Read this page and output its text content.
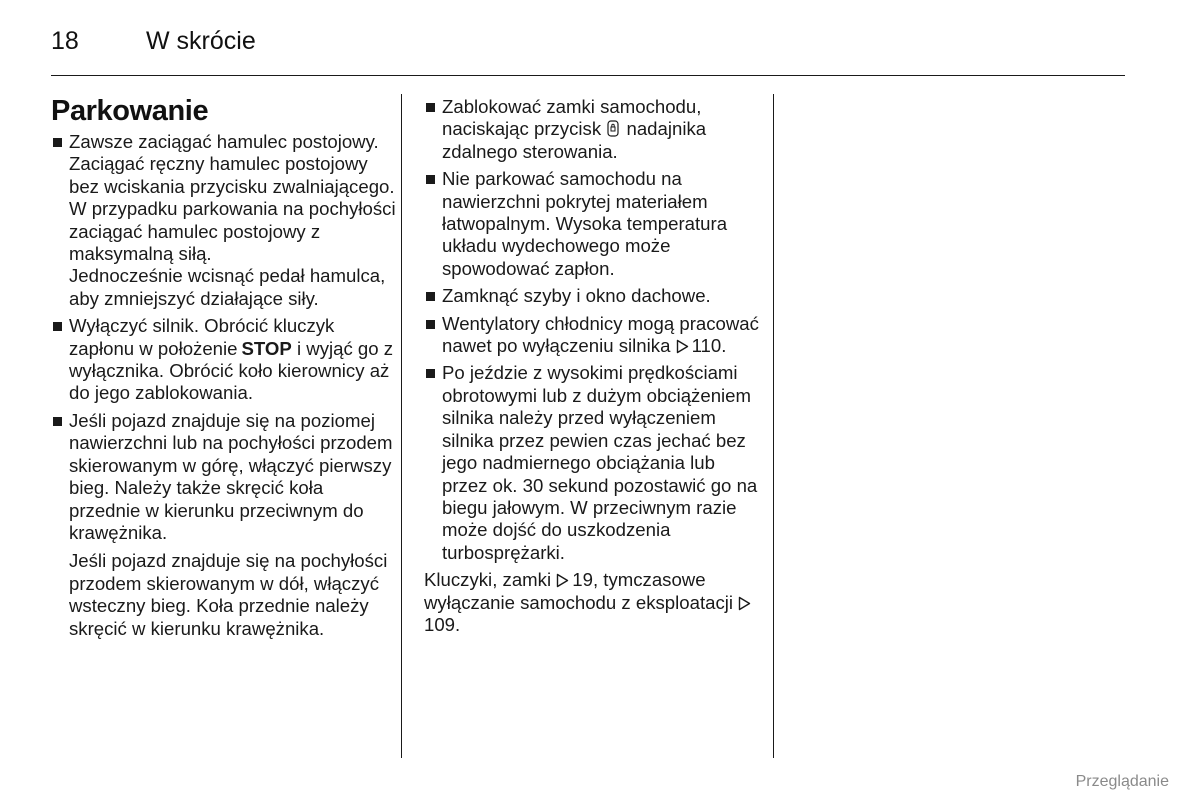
18	W skrócie
Parkowanie

Zawsze zaciągać hamulec postojowy. Zaciągać ręczny hamulec postojowy bez wciskania przycisku zwalniającego.

W przypadku parkowania na pochyłości zaciągać hamulec postojowy z maksymalną siłą.

Jednocześnie wcisnąć pedał hamulca, aby zmniejszyć działające siły.

Wyłączyć silnik. Obrócić kluczyk zapłonu w położenie STOP i wyjąć go z wyłącznika. Obrócić koło kierownicy aż do jego zablokowania.

Jeśli pojazd znajduje się na poziomej nawierzchni lub na pochyłości przodem skierowanym w górę, włączyć pierwszy bieg. Należy także skręcić koła przednie w kierunku przeciwnym do krawężnika.

Jeśli pojazd znajduje się na pochyłości przodem skierowanym w dół, włączyć wsteczny bieg. Koła przednie należy skręcić w kierunku krawężnika.

Zablokować zamki samochodu, naciskając przycisk nadajnika zdalnego sterowania.

Nie parkować samochodu na nawierzchni pokrytej materiałem łatwopalnym. Wysoka temperatura układu wydechowego może spowodować zapłon.

Zamknąć szyby i okno dachowe.

Wentylatory chłodnicy mogą pracować nawet po wyłączeniu silnika 110.

Po jeździe z wysokimi prędkościami obrotowymi lub z dużym obciążeniem silnika należy przed wyłączeniem silnika przez pewien czas jechać bez jego nadmiernego obciążania lub przez ok. 30 sekund pozostawić go na biegu jałowym. W przeciwnym razie może dojść do uszkodzenia turbosprężarki.

Kluczyki, zamki 19, tymczasowe wyłączanie samochodu z eksploatacji
109.

Przeglądanie
